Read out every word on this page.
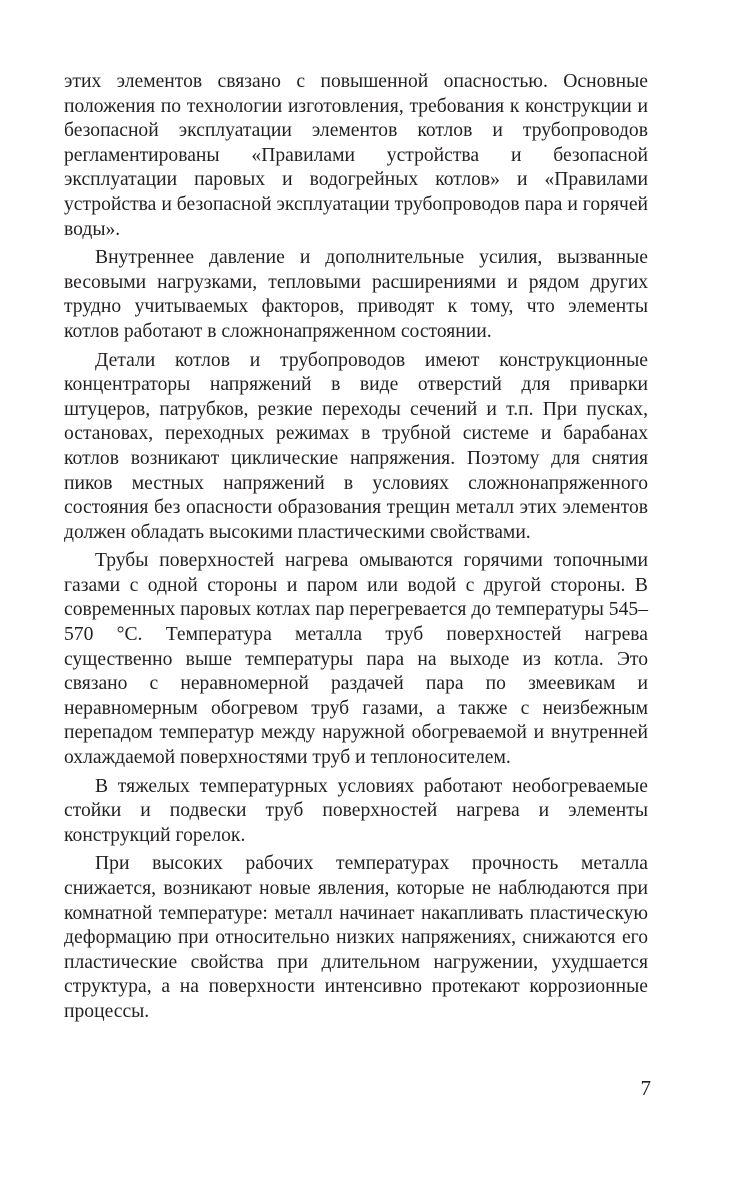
этих элементов связано с повышенной опасностью. Основные положения по технологии изготовления, требования к конструкции и безопасной эксплуатации элементов котлов и трубопроводов регламентированы «Правилами устройства и безопасной эксплуатации паровых и водогрейных котлов» и «Правилами устройства и безопасной эксплуатации трубопроводов пара и горячей воды».

Внутреннее давление и дополнительные усилия, вызванные весовыми нагрузками, тепловыми расширениями и рядом других трудно учитываемых факторов, приводят к тому, что элементы котлов работают в сложнонапряженном состоянии.

Детали котлов и трубопроводов имеют конструкционные концентраторы напряжений в виде отверстий для приварки штуцеров, патрубков, резкие переходы сечений и т.п. При пусках, остановах, переходных режимах в трубной системе и барабанах котлов возникают циклические напряжения. Поэтому для снятия пиков местных напряжений в условиях сложнонапряженного состояния без опасности образования трещин металл этих элементов должен обладать высокими пластическими свойствами.

Трубы поверхностей нагрева омываются горячими топочными газами с одной стороны и паром или водой с другой стороны. В современных паровых котлах пар перегревается до температуры 545–570 °C. Температура металла труб поверхностей нагрева существенно выше температуры пара на выходе из котла. Это связано с неравномерной раздачей пара по змеевикам и неравномерным обогревом труб газами, а также с неизбежным перепадом температур между наружной обогреваемой и внутренней охлаждаемой поверхностями труб и теплоносителем.

В тяжелых температурных условиях работают необогреваемые стойки и подвески труб поверхностей нагрева и элементы конструкций горелок.

При высоких рабочих температурах прочность металла снижается, возникают новые явления, которые не наблюдаются при комнатной температуре: металл начинает накапливать пластическую деформацию при относительно низких напряжениях, снижаются его пластические свойства при длительном нагружении, ухудшается структура, а на поверхности интенсивно протекают коррозионные процессы.

7
